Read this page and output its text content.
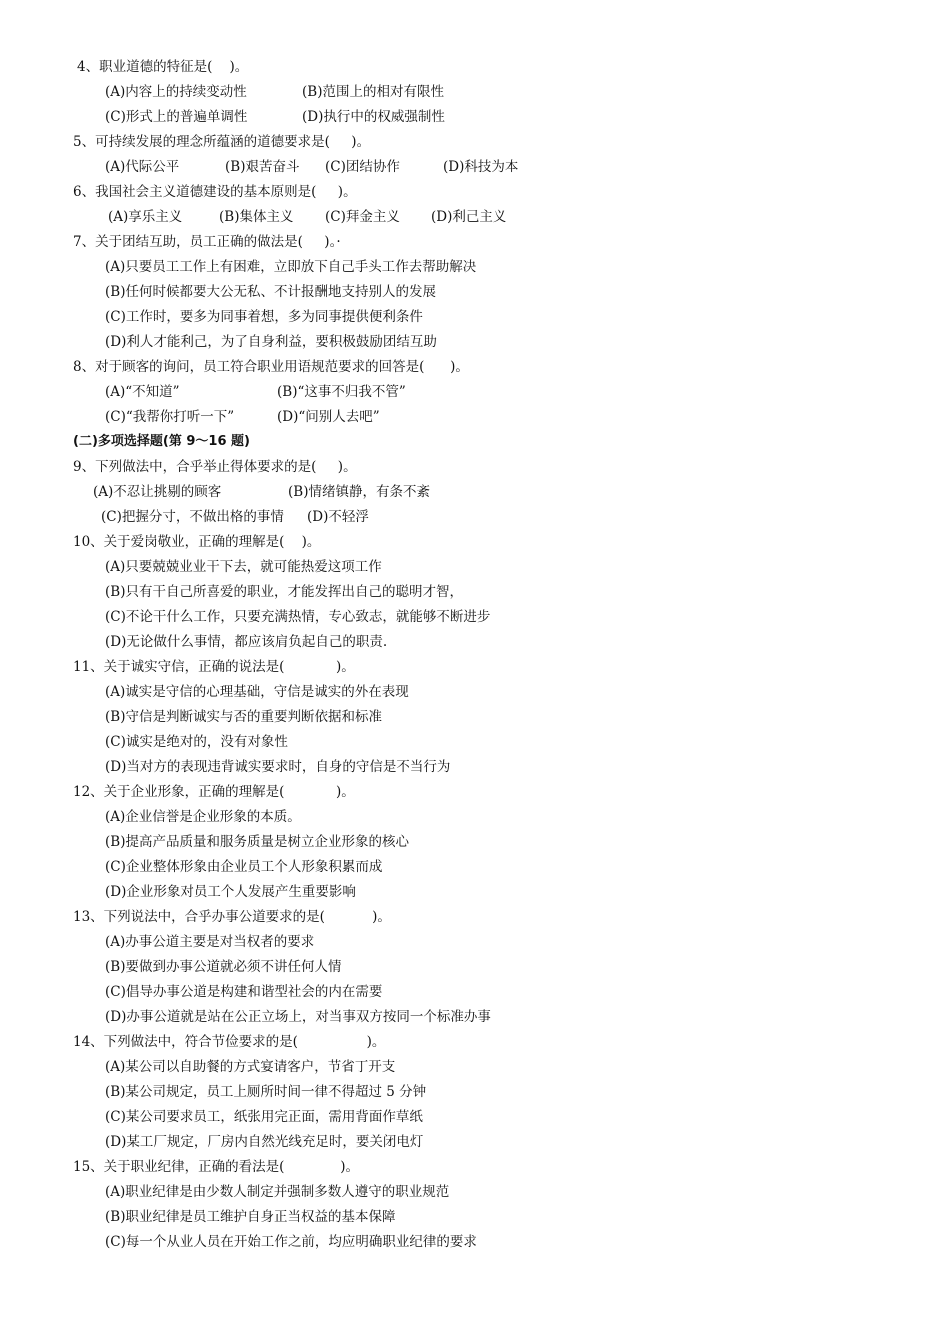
4、职业道德的特征是(    )。
(A)内容上的持续变动性	(B)范围上的相对有限性
(C)形式上的普遍单调性	(D)执行中的权威强制性
5、可持续发展的理念所蕴涵的道德要求是(     )。
(A)代际公平	(B)艰苦奋斗 (C)团结协作	(D)科技为本
6、我国社会主义道德建设的基本原则是(     )。
(A)享乐主义	(B)集体主义 (C)拜金主义 (D)利己主义
7、关于团结互助，员工正确的做法是(     )。·
(A)只要员工工作上有困难，立即放下自己手头工作去帮助解决
(B)任何时候都要大公无私、不计报酬地支持别人的发展
(C)工作时，要多为同事着想，多为同事提供便利条件
(D)利人才能利己，为了自身利益，要积极鼓励团结互助
8、对于顾客的询问，员工符合职业用语规范要求的回答是(      )。
(A)“不知道”	(B)“这事不归我不管”
(C)“我帮你打听一下”	(D)“问别人去吧”
(二)多项选择题(第 9～16 题)
9、下列做法中，合乎举止得体要求的是(     )。
(A)不忍让挑剔的顾客	(B)情绪镇静，有条不紊
(C)把握分寸，不做出格的事情 (D)不轻浮
10、关于爱岗敬业，正确的理解是(    )。
(A)只要兢兢业业干下去，就可能热爱这项工作
(B)只有干自己所喜爱的职业，才能发挥出自己的聪明才智，
(C)不论干什么工作，只要充满热情，专心致志，就能够不断进步
(D)无论做什么事情，都应该肩负起自己的职责.
11、关于诚实守信，正确的说法是(            )。
(A)诚实是守信的心理基础，守信是诚实的外在表现
(B)守信是判断诚实与否的重要判断依据和标准
(C)诚实是绝对的，没有对象性
(D)当对方的表现违背诚实要求时，自身的守信是不当行为
12、关于企业形象，正确的理解是(            )。
(A)企业信誉是企业形象的本质。
(B)提高产品质量和服务质量是树立企业形象的核心
(C)企业整体形象由企业员工个人形象积累而成
(D)企业形象对员工个人发展产生重要影响
13、下列说法中，合乎办事公道要求的是(           )。
(A)办事公道主要是对当权者的要求
(B)要做到办事公道就必须不讲任何人情
(C)倡导办事公道是构建和谐型社会的内在需要
(D)办事公道就是站在公正立场上，对当事双方按同一个标准办事
14、下列做法中，符合节俭要求的是(                )。
(A)某公司以自助餐的方式宴请客户，节省丁开支
(B)某公司规定，员工上厕所时间一律不得超过 5 分钟
(C)某公司要求员工，纸张用完正面，需用背面作草纸
(D)某工厂规定，厂房内自然光线充足时，要关闭电灯
15、关于职业纪律，正确的看法是(             )。
(A)职业纪律是由少数人制定并强制多数人遵守的职业规范
(B)职业纪律是员工维护自身正当权益的基本保障
(C)每一个从业人员在开始工作之前，均应明确职业纪律的要求
